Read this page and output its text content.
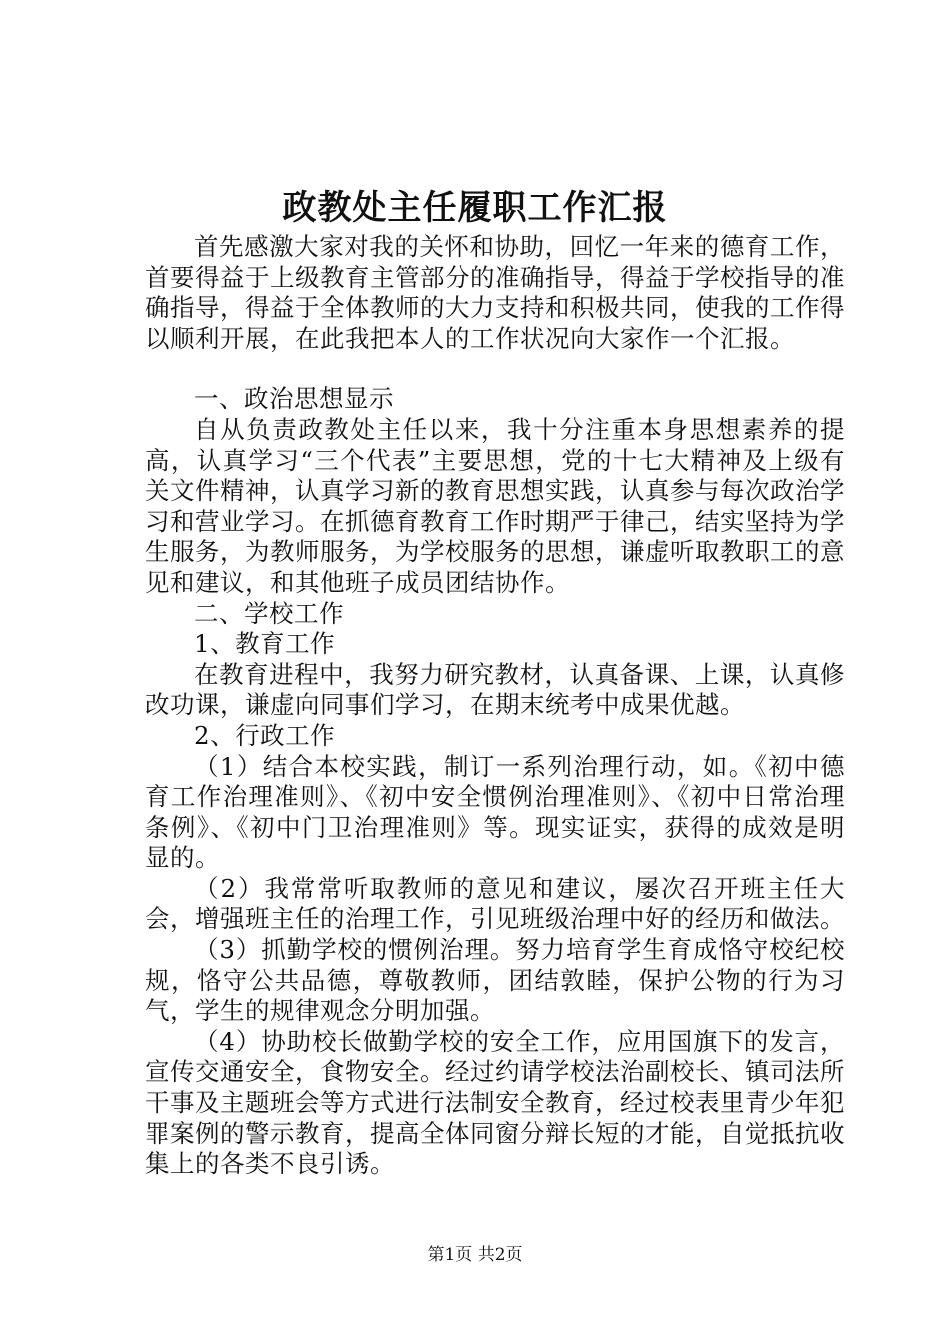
政教处主任履职工作汇报

首先感激大家对我的关怀和协助，回忆一年来的德育工作，首要得益于上级教育主管部分的准确指导，得益于学校指导的准确指导，得益于全体教师的大力支持和积极共同，使我的工作得以顺利开展，在此我把本人的工作状况向大家作一个汇报。

一、政治思想显示

自从负责政教处主任以来，我十分注重本身思想素养的提高，认真学习“三个代表”主要思想，党的十七大精神及上级有关文件精神，认真学习新的教育思想实践，认真参与每次政治学习和营业学习。在抓德育教育工作时期严于律己，结实坚持为学生服务，为教师服务，为学校服务的思想，谦虚听取教职工的意见和建议，和其他班子成员团结协作。

二、学校工作

1、教育工作

在教育进程中，我努力研究教材，认真备课、上课，认真修改功课，谦虚向同事们学习，在期末统考中成果优越。

2、行政工作

（1）结合本校实践，制订一系列治理行动，如。《初中德育工作治理准则》、《初中安全惯例治理准则》、《初中日常治理条例》、《初中门卫治理准则》等。现实证实，获得的成效是明显的。

（2）我常常听取教师的意见和建议，屡次召开班主任大会，增强班主任的治理工作，引见班级治理中好的经历和做法。

（3）抓勤学校的惯例治理。努力培育学生育成恪守校纪校规，恪守公共品德，尊敬教师，团结敦睦，保护公物的行为习气，学生的规律观念分明加强。

（4）协助校长做勤学校的安全工作，应用国旗下的发言，宣传交通安全，食物安全。经过约请学校法治副校长、镇司法所干事及主题班会等方式进行法制安全教育，经过校表里青少年犯罪案例的警示教育，提高全体同窗分辩长短的才能，自觉抵抗收集上的各类不良引诱。

第1页 共2页
